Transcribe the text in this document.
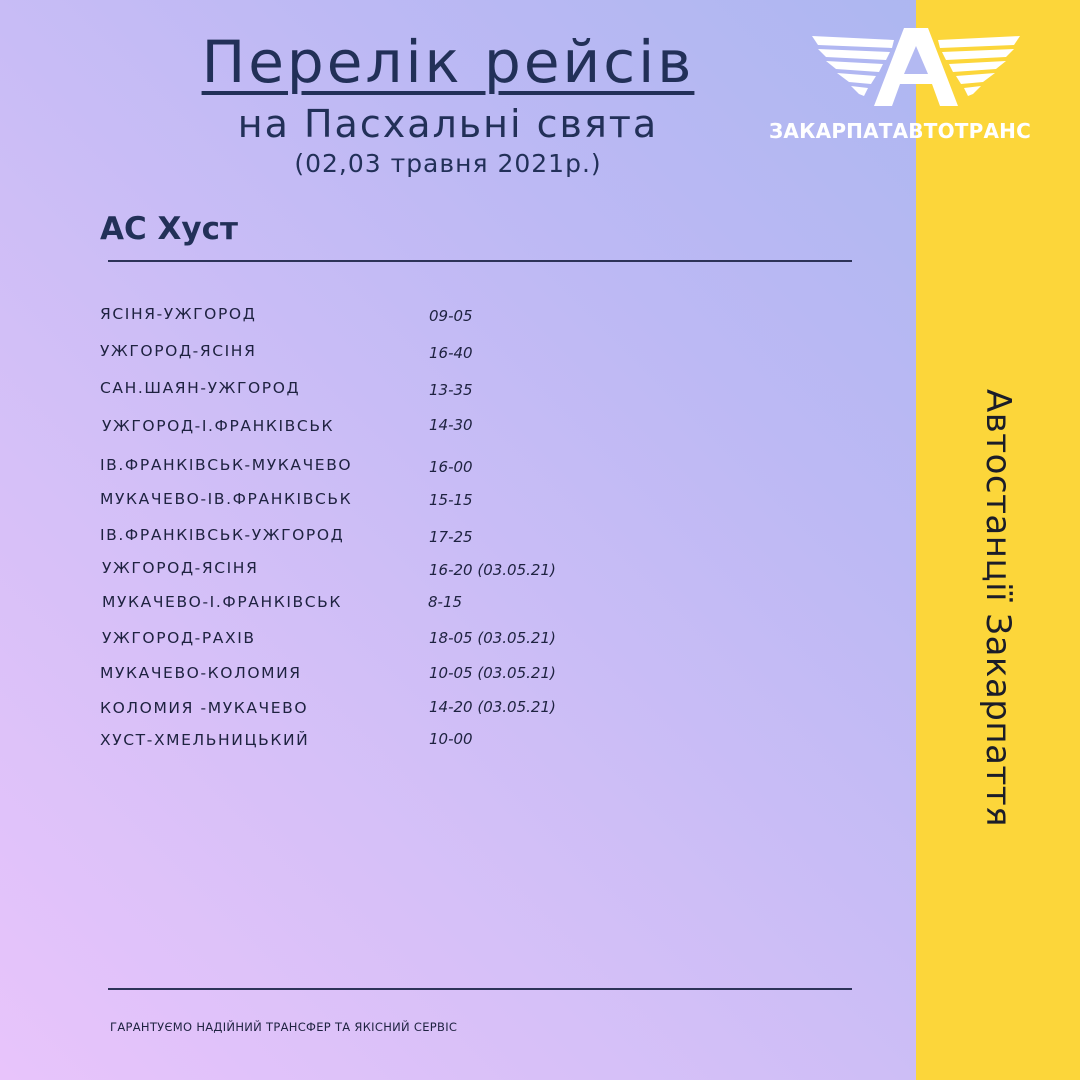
Автостанції Закарпаття
Перелік рейсів
на Пасхальні свята
(02,03 травня 2021р.)
ЗАКАРПАТАВТОТРАНС
АС Хуст
ЯСІНЯ-УЖГОРОД	09-05
УЖГОРОД-ЯСІНЯ	16-40
САН.ШАЯН-УЖГОРОД	13-35
УЖГОРОД-І.ФРАНКІВСЬК	14-30
ІВ.ФРАНКІВСЬК-МУКАЧЕВО	16-00
МУКАЧЕВО-ІВ.ФРАНКІВСЬК	15-15
ІВ.ФРАНКІВСЬК-УЖГОРОД	17-25
УЖГОРОД-ЯСІНЯ	16-20 (03.05.21)
МУКАЧЕВО-І.ФРАНКІВСЬК	8-15
УЖГОРОД-РАХІВ	18-05 (03.05.21)
МУКАЧЕВО-КОЛОМИЯ	10-05 (03.05.21)
КОЛОМИЯ -МУКАЧЕВО	14-20 (03.05.21)
ХУСТ-ХМЕЛЬНИЦЬКИЙ	10-00
ГАРАНТУЄМО НАДІЙНИЙ ТРАНСФЕР ТА ЯКІСНИЙ СЕРВІС
